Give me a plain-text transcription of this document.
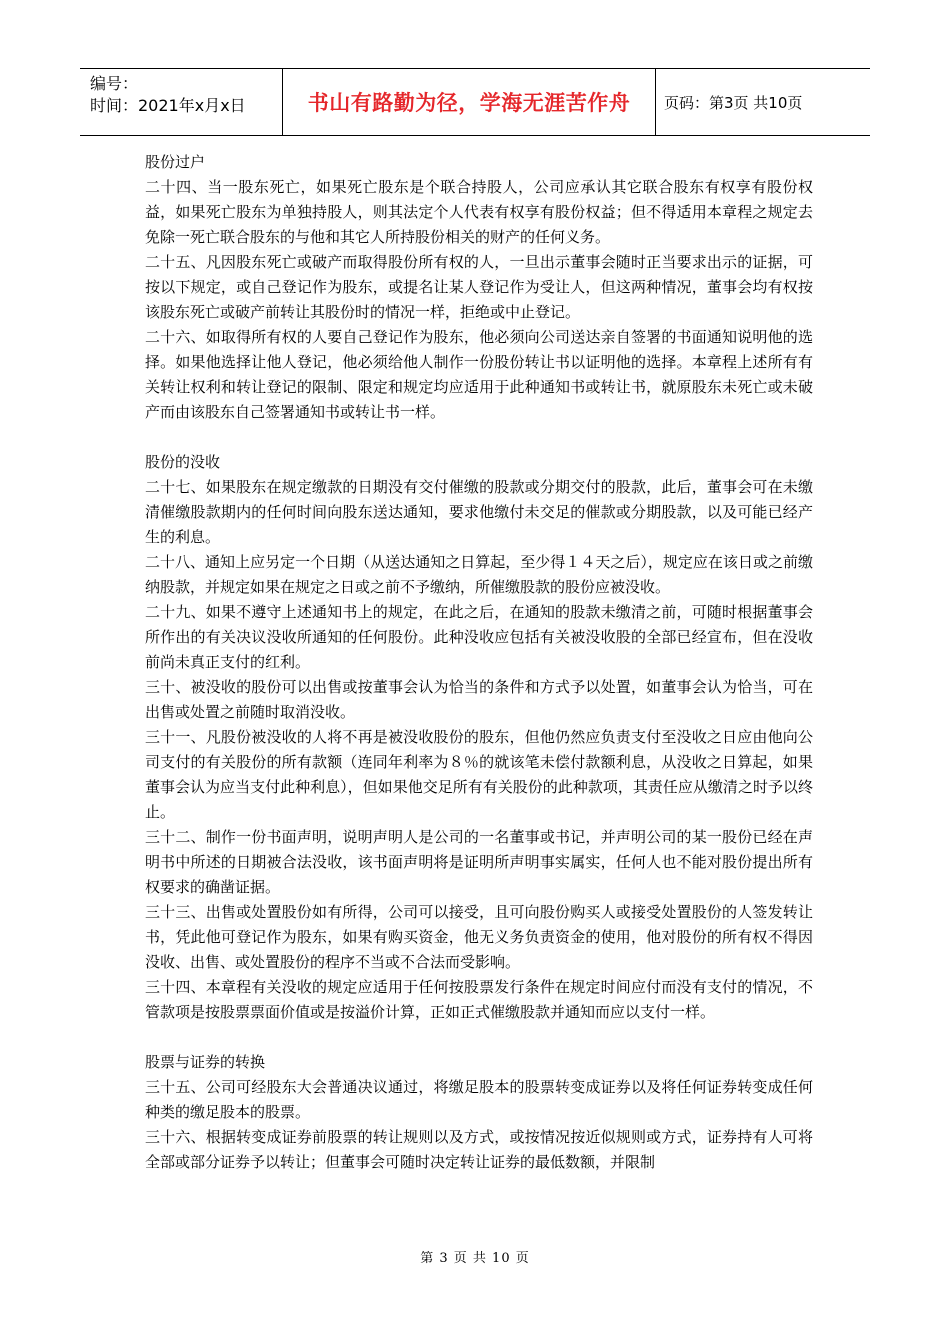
编号：
时间：2021年x月x日	书山有路勤为径，学海无涯苦作舟	页码：第3页 共10页

股份过户

二十四、当一股东死亡，如果死亡股东是个联合持股人，公司应承认其它联合股东有权享有股份权益，如果死亡股东为单独持股人，则其法定个人代表有权享有股份权益；但不得适用本章程之规定去免除一死亡联合股东的与他和其它人所持股份相关的财产的任何义务。

二十五、凡因股东死亡或破产而取得股份所有权的人，一旦出示董事会随时正当要求出示的证据，可按以下规定，或自己登记作为股东，或提名让某人登记作为受让人，但这两种情况，董事会均有权按该股东死亡或破产前转让其股份时的情况一样，拒绝或中止登记。

二十六、如取得所有权的人要自己登记作为股东，他必须向公司送达亲自签署的书面通知说明他的选择。如果他选择让他人登记，他必须给他人制作一份股份转让书以证明他的选择。本章程上述所有有关转让权利和转让登记的限制、限定和规定均应适用于此种通知书或转让书，就原股东未死亡或未破产而由该股东自己签署通知书或转让书一样。

股份的没收

二十七、如果股东在规定缴款的日期没有交付催缴的股款或分期交付的股款，此后，董事会可在未缴清催缴股款期内的任何时间向股东送达通知，要求他缴付未交足的催款或分期股款，以及可能已经产生的利息。

二十八、通知上应另定一个日期（从送达通知之日算起，至少得１４天之后），规定应在该日或之前缴纳股款，并规定如果在规定之日或之前不予缴纳，所催缴股款的股份应被没收。

二十九、如果不遵守上述通知书上的规定，在此之后，在通知的股款未缴清之前，可随时根据董事会所作出的有关决议没收所通知的任何股份。此种没收应包括有关被没收股的全部已经宣布，但在没收前尚未真正支付的红利。

三十、被没收的股份可以出售或按董事会认为恰当的条件和方式予以处置，如董事会认为恰当，可在出售或处置之前随时取消没收。

三十一、凡股份被没收的人将不再是被没收股份的股东，但他仍然应负责支付至没收之日应由他向公司支付的有关股份的所有款额（连同年利率为８％的就该笔未偿付款额利息，从没收之日算起，如果董事会认为应当支付此种利息），但如果他交足所有有关股份的此种款项，其责任应从缴清之时予以终止。

三十二、制作一份书面声明，说明声明人是公司的一名董事或书记，并声明公司的某一股份已经在声明书中所述的日期被合法没收，该书面声明将是证明所声明事实属实，任何人也不能对股份提出所有权要求的确凿证据。

三十三、出售或处置股份如有所得，公司可以接受，且可向股份购买人或接受处置股份的人签发转让书，凭此他可登记作为股东，如果有购买资金，他无义务负责资金的使用，他对股份的所有权不得因没收、出售、或处置股份的程序不当或不合法而受影响。

三十四、本章程有关没收的规定应适用于任何按股票发行条件在规定时间应付而没有支付的情况，不管款项是按股票票面价值或是按溢价计算，正如正式催缴股款并通知而应以支付一样。

股票与证券的转换

三十五、公司可经股东大会普通决议通过，将缴足股本的股票转变成证券以及将任何证券转变成任何种类的缴足股本的股票。

三十六、根据转变成证券前股票的转让规则以及方式，或按情况按近似规则或方式，证券持有人可将全部或部分证券予以转让；但董事会可随时决定转让证券的最低数额，并限制

第 3 页 共 10 页
